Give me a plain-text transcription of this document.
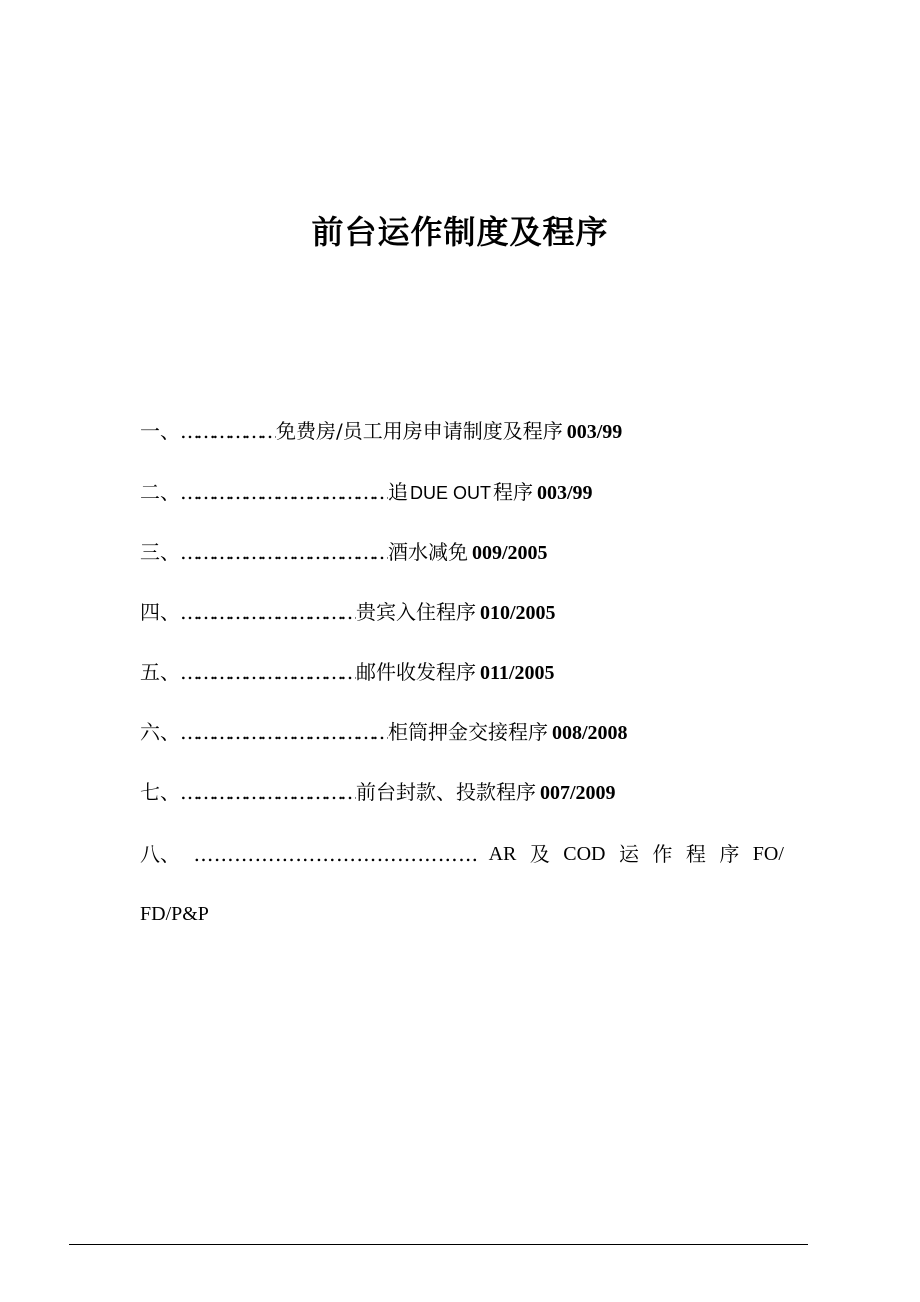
前台运作制度及程序
一、………………免费房/员工用房申请制度及程序 003/99
二、…………………………………追 DUE OUT 程序 003/99
三、…………………………………酒水减免 009/2005
四、……………………………贵宾入住程序 010/2005
五、……………………………邮件收发程序 011/2005
六、…………………………………柜筒押金交接程序 008/2008
七、……………………………前台封款、投款程序 007/2009
八、 … … … … … … … … … … … … … … AR 及 COD 运 作 程 序 FO/
FD/P&P
